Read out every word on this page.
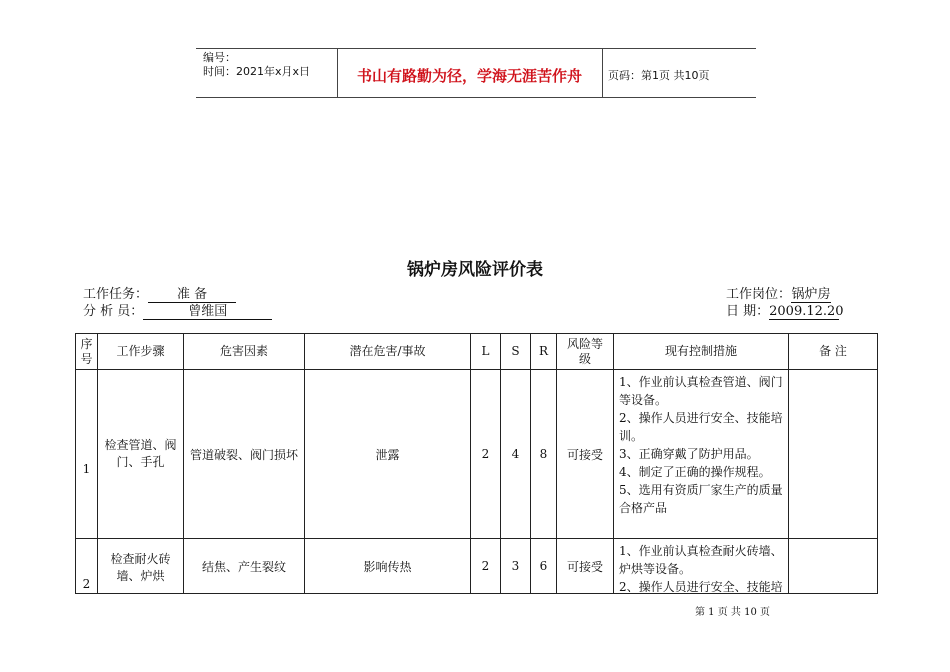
编号：
时间：2021年x月x日	书山有路勤为径，学海无涯苦作舟	页码：第1页 共10页
锅炉房风险评价表
工作任务： 准 备
分 析 员：	曾维国
工作岗位：锅炉房
日 期：2009.12.20
序号	工作步骤	危害因素	潜在危害/事故	L	S	R	风险等级	现有控制措施	备 注
1	检查管道、阀门、手孔	管道破裂、阀门损坏	泄露	2	4	8	可接受	1、作业前认真检查管道、阀门等设备。
2、操作人员进行安全、技能培训。
3、正确穿戴了防护用品。
4、制定了正确的操作规程。
5、选用有资质厂家生产的质量合格产品	

2	检查耐火砖墙、炉烘	结焦、产生裂纹	影响传热	2	3	6	可接受	1、作业前认真检查耐火砖墙、炉烘等设备。
2、操作人员进行安全、技能培	

第 1 页 共 10 页
